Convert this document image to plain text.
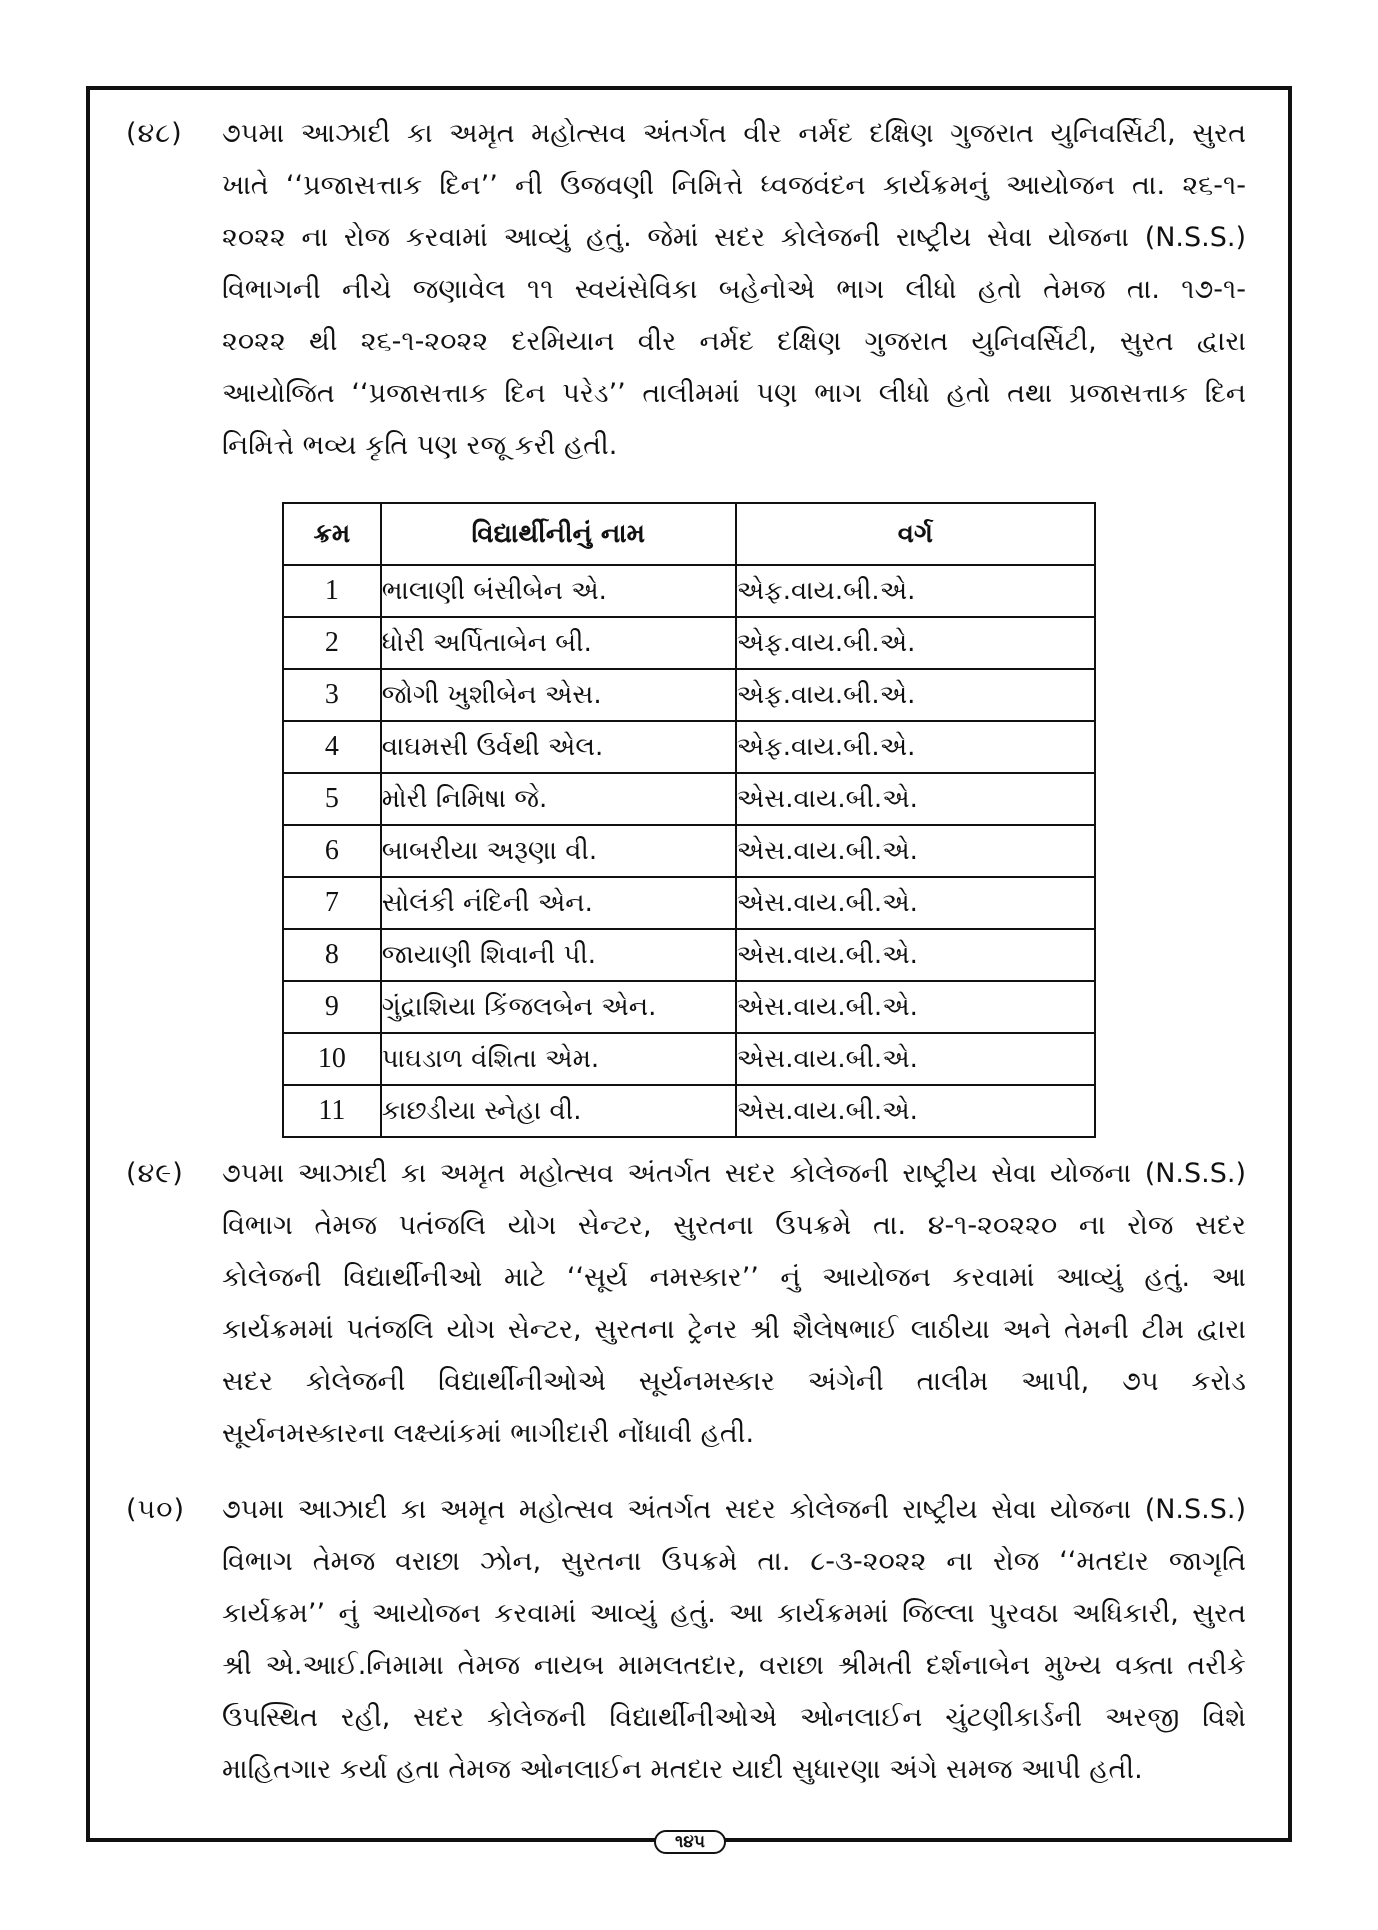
(૪૮) ૭૫મા આઝાદી કા અમૃત મહોત્સવ અંતર્ગત વીર નર્મદ દક્ષિણ ગુજરાત યુનિવર્સિટી, સુરત
ખાતે ‘‘પ્રજાસત્તાક દિન’’ ની ઉજવણી નિમિત્તે ધ્વજવંદન કાર્યક્રમનું આયોજન તા. ૨૬-૧-
૨૦૨૨ ના રોજ કરવામાં આવ્યું હતું. જેમાં સદર કોલેજની રાષ્ટ્રીય સેવા યોજના (N.S.S.)
વિભાગની નીચે જણાવેલ ૧૧ સ્વયંસેવિકા બહેનોએ ભાગ લીધો હતો તેમજ તા. ૧૭-૧-
૨૦૨૨ થી ૨૬-૧-૨૦૨૨ દરમિયાન વીર નર્મદ દક્ષિણ ગુજરાત યુનિવર્સિટી, સુરત દ્વારા
આયોજિત ‘‘પ્રજાસત્તાક દિન પરેડ’’ તાલીમમાં પણ ભાગ લીધો હતો તથા પ્રજાસત્તાક દિન
નિમિત્તે ભવ્ય કૃતિ પણ રજૂ કરી હતી.
ક્રમ	વિદ્યાર્થીનીનું નામ	વર્ગ
1	ભાલાણી બંસીબેન એ.	એફ.વાય.બી.એ.
2	ધોરી અર્પિતાબેન બી.	એફ.વાય.બી.એ.
3	જોગી ખુશીબેન એસ.	એફ.વાય.બી.એ.
4	વાઘમસી ઉર્વથી એલ.	એફ.વાય.બી.એ.
5	મોરી નિમિષા જે.	એસ.વાય.બી.એ.
6	બાબરીયા અરૂણા વી.	એસ.વાય.બી.એ.
7	સોલંકી નંદિની એન.	એસ.વાય.બી.એ.
8	જાયાણી શિવાની પી.	એસ.વાય.બી.એ.
9	ગુંદ્રાશિયા કિંજલબેન એન.	એસ.વાય.બી.એ.
10	પાઘડાળ વંશિતા એમ.	એસ.વાય.બી.એ.
11	કાછડીયા સ્નેહા વી.	એસ.વાય.બી.એ.
(૪૯) ૭૫મા આઝાદી કા અમૃત મહોત્સવ અંતર્ગત સદર કોલેજની રાષ્ટ્રીય સેવા યોજના (N.S.S.)
વિભાગ તેમજ પતંજલિ યોગ સેન્ટર, સુરતના ઉપક્રમે તા. ૪-૧-૨૦૨૨૦ ના રોજ સદર
કોલેજની વિદ્યાર્થીનીઓ માટે ‘‘સૂર્ય નમસ્કાર’’ નું આયોજન કરવામાં આવ્યું હતું. આ
કાર્યક્રમમાં પતંજલિ યોગ સેન્ટર, સુરતના ટ્રેનર શ્રી શૈલેષભાઈ લાઠીયા અને તેમની ટીમ દ્વારા
સદર કોલેજની વિદ્યાર્થીનીઓએ સૂર્યનમસ્કાર અંગેની તાલીમ આપી, ૭૫ કરોડ
સૂર્યનમસ્કારના લક્ષ્યાંકમાં ભાગીદારી નોંધાવી હતી.
(૫૦) ૭૫મા આઝાદી કા અમૃત મહોત્સવ અંતર્ગત સદર કોલેજની રાષ્ટ્રીય સેવા યોજના (N.S.S.)
વિભાગ તેમજ વરાછા ઝોન, સુરતના ઉપક્રમે તા. ૮-૩-૨૦૨૨ ના રોજ ‘‘મતદાર જાગૃતિ
કાર્યક્રમ’’ નું આયોજન કરવામાં આવ્યું હતું. આ કાર્યક્રમમાં જિલ્લા પુરવઠા અધિકારી, સુરત
શ્રી એ.આઈ.નિમામા તેમજ નાયબ મામલતદાર, વરાછા શ્રીમતી દર્શનાબેન મુખ્ય વક્તા તરીકે
ઉપસ્થિત રહી, સદર કોલેજની વિદ્યાર્થીનીઓએ ઓનલાઈન ચુંટણીકાર્ડની અરજી વિશે
માહિતગાર કર્યા હતા તેમજ ઓનલાઈન મતદાર યાદી સુધારણા અંગે સમજ આપી હતી.
૧૪૫
